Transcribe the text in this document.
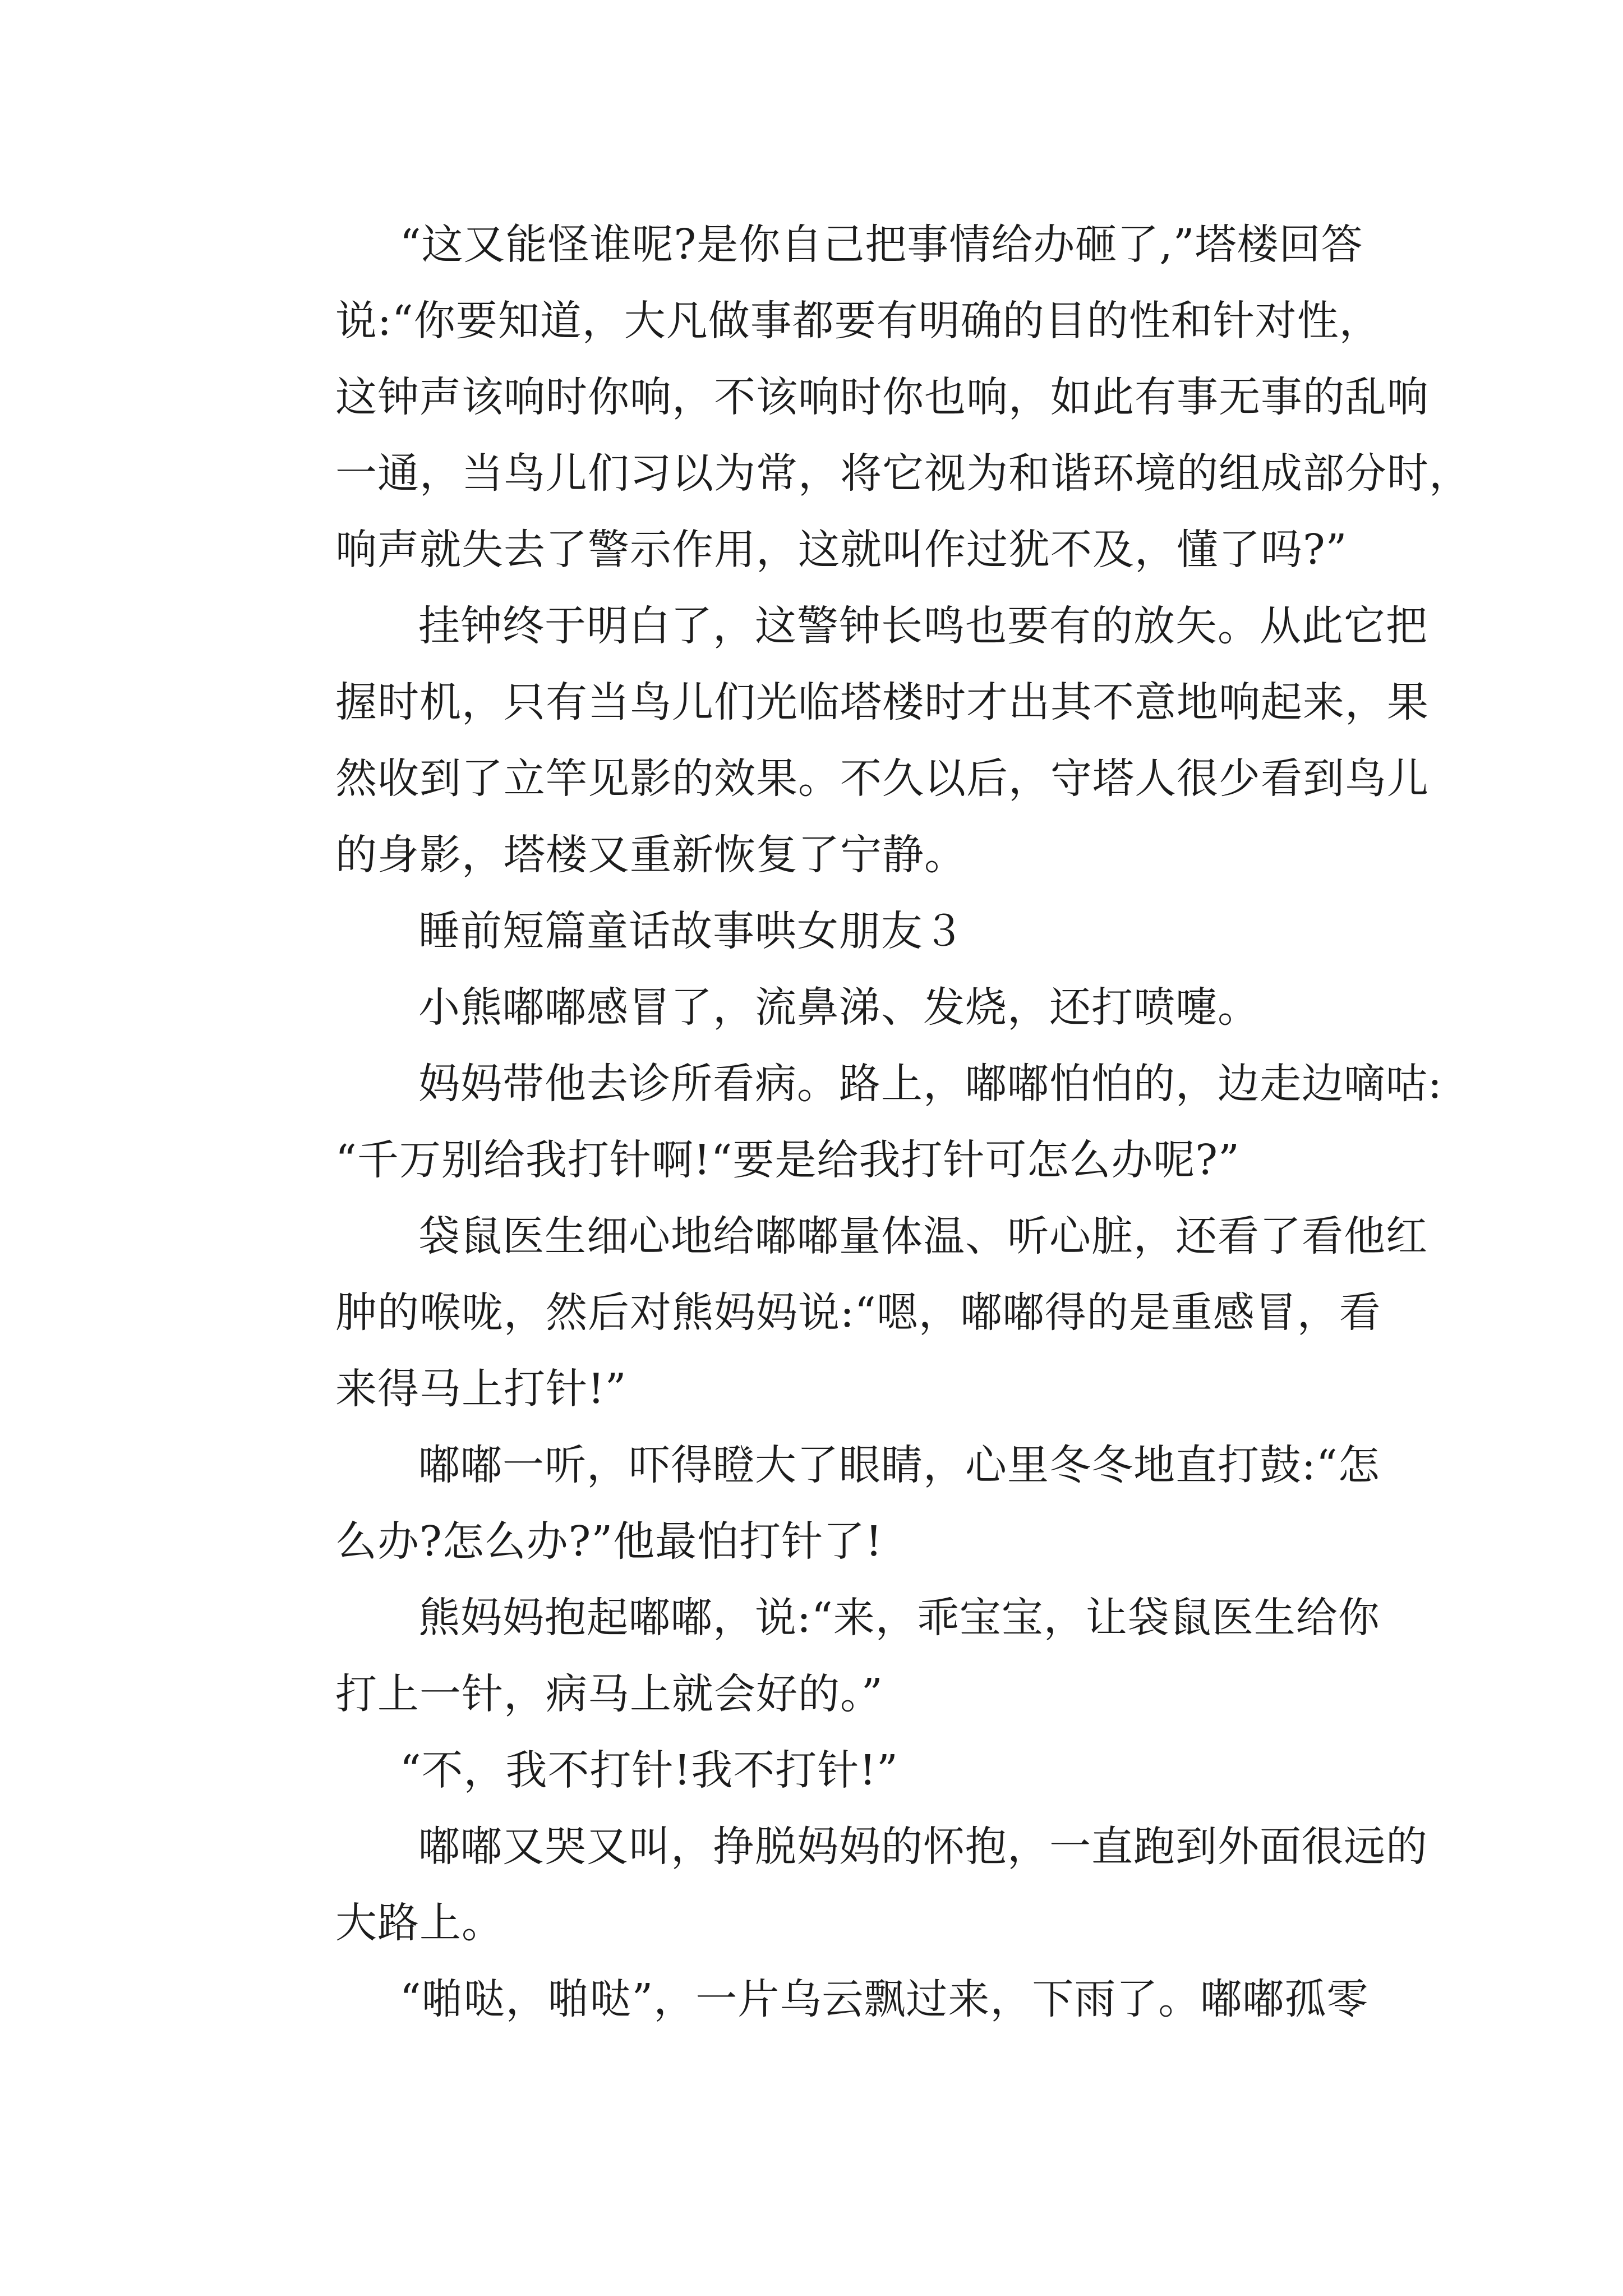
“这又能怪谁呢?是你自己把事情给办砸了,”塔楼回答
说:“你要知道，大凡做事都要有明确的目的性和针对性，
这钟声该响时你响，不该响时你也响，如此有事无事的乱响
一通，当鸟儿们习以为常，将它视为和谐环境的组成部分时，
响声就失去了警示作用，这就叫作过犹不及，懂了吗?”
挂钟终于明白了，这警钟长鸣也要有的放矢。从此它把
握时机，只有当鸟儿们光临塔楼时才出其不意地响起来，果
然收到了立竿见影的效果。不久以后，守塔人很少看到鸟儿
的身影，塔楼又重新恢复了宁静。
睡前短篇童话故事哄女朋友３
小熊嘟嘟感冒了，流鼻涕、发烧，还打喷嚏。
妈妈带他去诊所看病。路上，嘟嘟怕怕的，边走边嘀咕:
“千万别给我打针啊!“要是给我打针可怎么办呢?”
袋鼠医生细心地给嘟嘟量体温、听心脏，还看了看他红
肿的喉咙，然后对熊妈妈说:“嗯，嘟嘟得的是重感冒，看
来得马上打针!”
嘟嘟一听，吓得瞪大了眼睛，心里冬冬地直打鼓:“怎
么办?怎么办?”他最怕打针了!
熊妈妈抱起嘟嘟，说:“来，乖宝宝，让袋鼠医生给你
打上一针，病马上就会好的。”
“不，我不打针!我不打针!”
嘟嘟又哭又叫，挣脱妈妈的怀抱，一直跑到外面很远的
大路上。
“啪哒，啪哒”，一片乌云飘过来，下雨了。嘟嘟孤零
